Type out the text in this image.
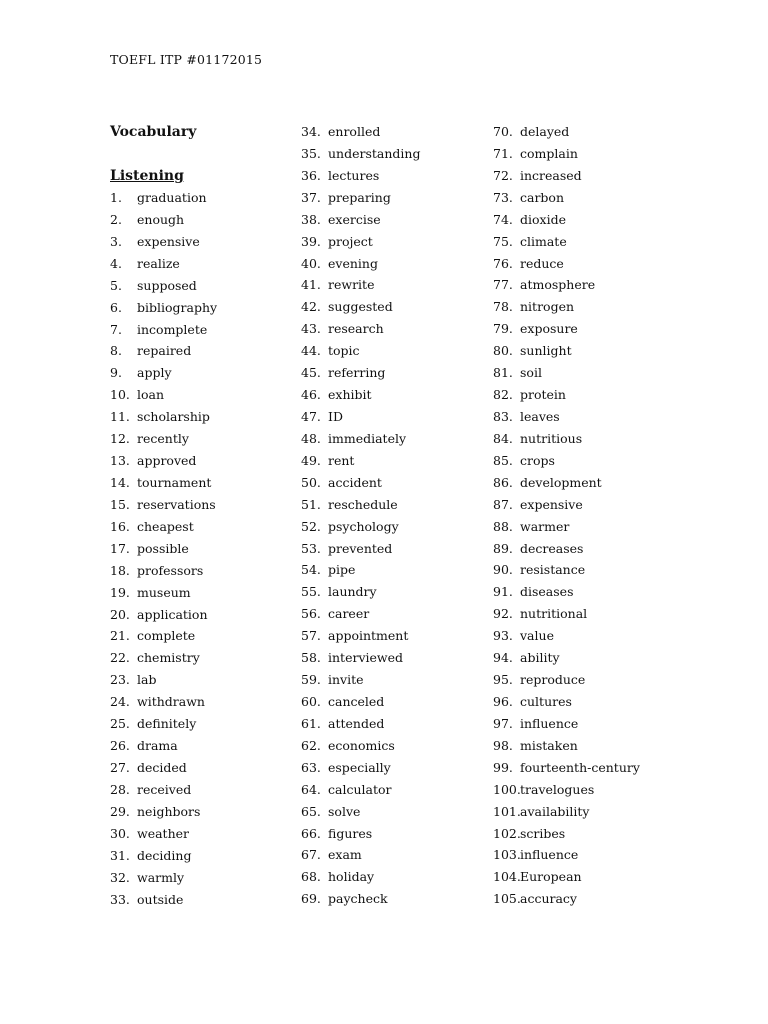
TOEFL ITP #01172015
Vocabulary
Listening
1.	graduation
2.	enough
3.	expensive
4.	realize
5.	supposed
6.	bibliography
7.	incomplete
8.	repaired
9.	apply
10. loan
11. scholarship
12. recently
13. approved
14. tournament
15. reservations
16. cheapest
17. possible
18. professors
19. museum
20. application
21. complete
22. chemistry
23. lab
24. withdrawn
25. definitely
26. drama
27. decided
28. received
29. neighbors
30. weather
31. deciding
32. warmly
33. outside
34. enrolled
35. understanding
36. lectures
37. preparing
38. exercise
39. project
40. evening
41. rewrite
42. suggested
43. research
44. topic
45. referring
46. exhibit
47. ID
48. immediately
49. rent
50. accident
51. reschedule
52. psychology
53. prevented
54. pipe
55. laundry
56. career
57. appointment
58. interviewed
59. invite
60. canceled
61. attended
62. economics
63. especially
64. calculator
65. solve
66. figures
67. exam
68. holiday
69. paycheck
70. delayed
71. complain
72. increased
73. carbon
74. dioxide
75. climate
76. reduce
77. atmosphere
78. nitrogen
79. exposure
80. sunlight
81. soil
82. protein
83. leaves
84. nutritious
85. crops
86. development
87. expensive
88. warmer
89. decreases
90. resistance
91. diseases
92. nutritional
93. value
94. ability
95. reproduce
96. cultures
97. influence
98. mistaken
99. fourteenth-century
100. travelogues
101. availability
102. scribes
103. influence
104. European
105. accuracy
